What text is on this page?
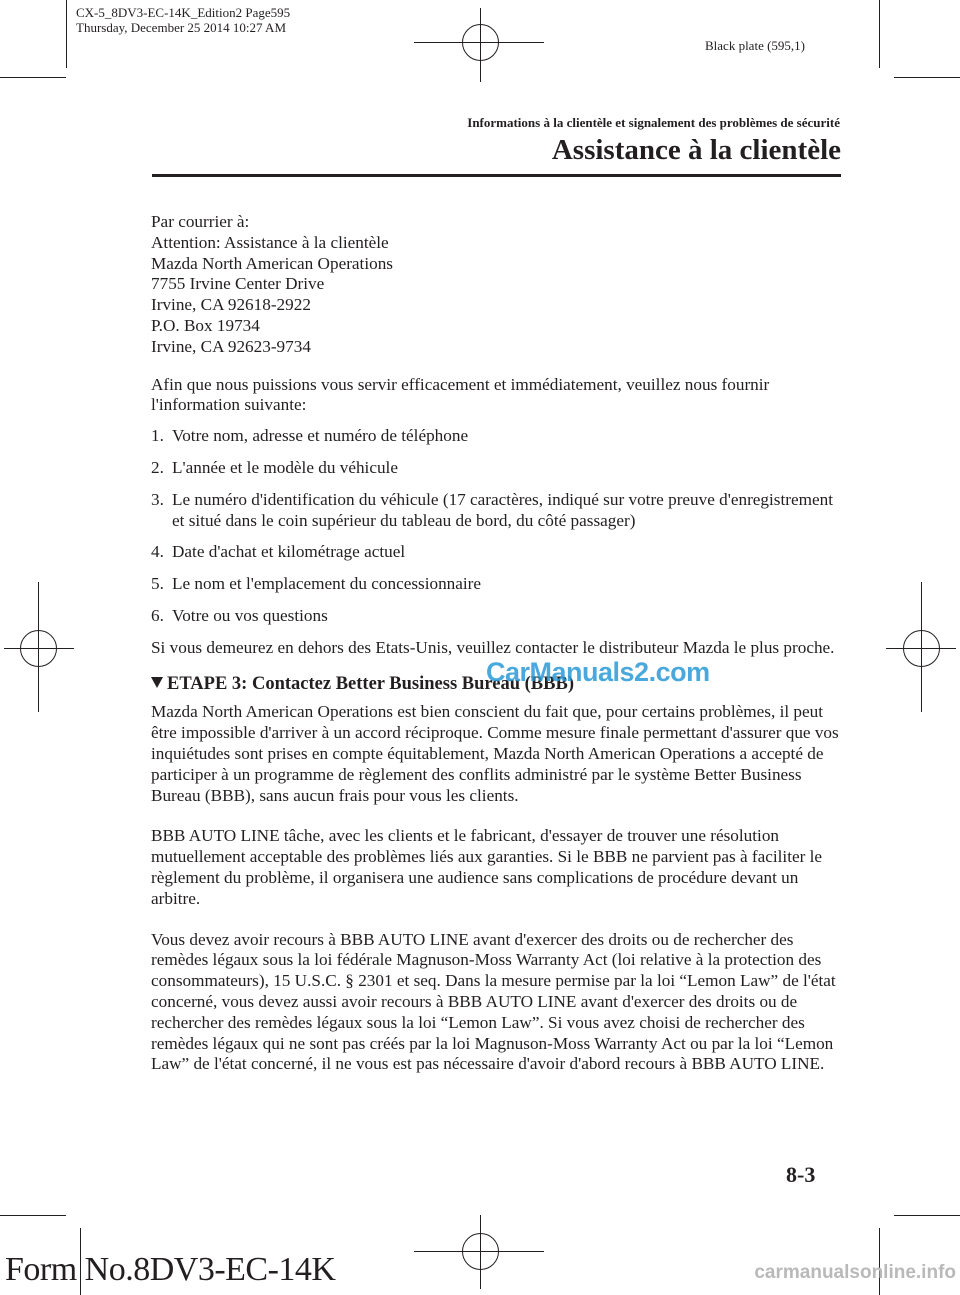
CX-5_8DV3-EC-14K_Edition2 Page595
Thursday, December 25 2014 10:27 AM
Black plate (595,1)
Informations à la clientèle et signalement des problèmes de sécurité
Assistance à la clientèle

Par courrier à:

Attention: Assistance à la clientèle

Mazda North American Operations

7755 Irvine Center Drive

Irvine, CA 92618-2922

P.O. Box 19734

Irvine, CA 92623-9734

Afin que nous puissions vous servir efficacement et immédiatement, veuillez nous fournir l'information suivante:

1. Votre nom, adresse et numéro de téléphone
2. L'année et le modèle du véhicule
3. Le numéro d'identification du véhicule (17 caractères, indiqué sur votre preuve d'enregistrement et situé dans le coin supérieur du tableau de bord, du côté passager)
4. Date d'achat et kilométrage actuel
5. Le nom et l'emplacement du concessionnaire
6. Votre ou vos questions

Si vous demeurez en dehors des Etats-Unis, veuillez contacter le distributeur Mazda le plus proche.

ETAPE 3: Contactez Better Business Bureau (BBB)

Mazda North American Operations est bien conscient du fait que, pour certains problèmes, il peut être impossible d'arriver à un accord réciproque. Comme mesure finale permettant d'assurer que vos inquiétudes sont prises en compte équitablement, Mazda North American Operations a accepté de participer à un programme de règlement des conflits administré par le système Better Business Bureau (BBB), sans aucun frais pour vous les clients.

BBB AUTO LINE tâche, avec les clients et le fabricant, d'essayer de trouver une résolution mutuellement acceptable des problèmes liés aux garanties. Si le BBB ne parvient pas à faciliter le règlement du problème, il organisera une audience sans complications de procédure devant un arbitre.

Vous devez avoir recours à BBB AUTO LINE avant d'exercer des droits ou de rechercher des remèdes légaux sous la loi fédérale Magnuson-Moss Warranty Act (loi relative à la protection des consommateurs), 15 U.S.C. § 2301 et seq. Dans la mesure permise par la loi “Lemon Law” de l'état concerné, vous devez aussi avoir recours à BBB AUTO LINE avant d'exercer des droits ou de rechercher des remèdes légaux sous la loi “Lemon Law”. Si vous avez choisi de rechercher des remèdes légaux qui ne sont pas créés par la loi Magnuson-Moss Warranty Act ou par la loi “Lemon Law” de l'état concerné, il ne vous est pas nécessaire d'avoir d'abord recours à BBB AUTO LINE.

CarManuals2.com
8-3
Form No.8DV3-EC-14K	carmanualsonline.info
